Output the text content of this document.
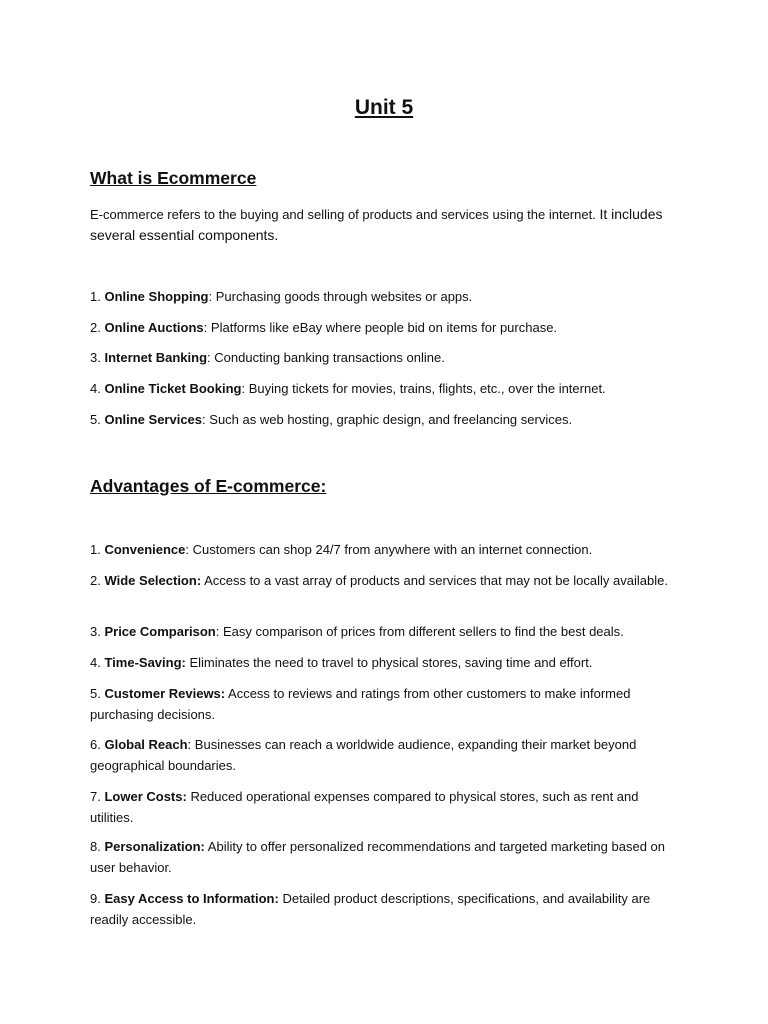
Unit 5
What is Ecommerce

E-commerce refers to the buying and selling of products and services using the internet. It includes several essential components.

1. Online Shopping: Purchasing goods through websites or apps.
2. Online Auctions: Platforms like eBay where people bid on items for purchase.
3. Internet Banking: Conducting banking transactions online.
4. Online Ticket Booking: Buying tickets for movies, trains, flights, etc., over the internet.
5. Online Services: Such as web hosting, graphic design, and freelancing services.
Advantages of E-commerce:
1. Convenience: Customers can shop 24/7 from anywhere with an internet connection.
2. Wide Selection: Access to a vast array of products and services that may not be locally available.
3. Price Comparison: Easy comparison of prices from different sellers to find the best deals.
4. Time-Saving: Eliminates the need to travel to physical stores, saving time and effort.
5. Customer Reviews: Access to reviews and ratings from other customers to make informed purchasing decisions.
6. Global Reach: Businesses can reach a worldwide audience, expanding their market beyond geographical boundaries.
7. Lower Costs: Reduced operational expenses compared to physical stores, such as rent and utilities.
8. Personalization: Ability to offer personalized recommendations and targeted marketing based on user behavior.
9. Easy Access to Information: Detailed product descriptions, specifications, and availability are readily accessible.
